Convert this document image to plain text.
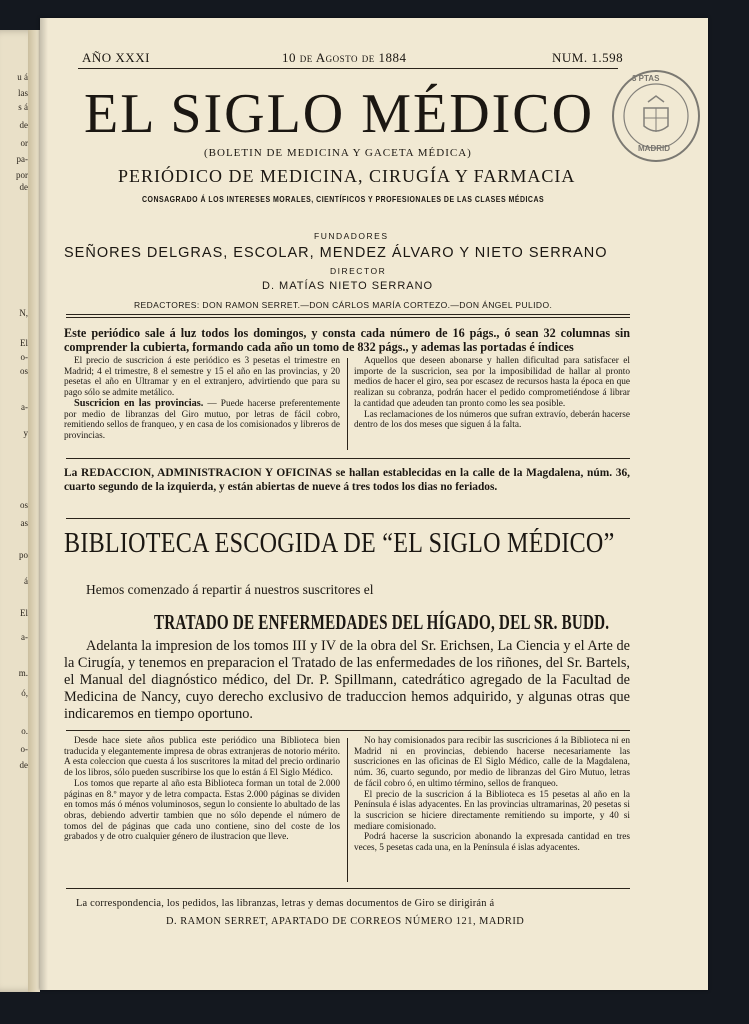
u á
las
s á
de
or
pa-
por
de
N,
El
o-
os
a-
y
os
as
po
á
El
a-
m.
ó,
o.
o-
de
AÑO XXXI	10 de Agosto de 1884	NUM. 1.598
EL SIGLO MÉDICO
3 PTAS
MADRID
(BOLETIN DE MEDICINA Y GACETA MÉDICA)
PERIÓDICO DE MEDICINA, CIRUGÍA Y FARMACIA
CONSAGRADO Á LOS INTERESES MORALES, CIENTÍFICOS Y PROFESIONALES DE LAS CLASES MÉDICAS
FUNDADORES
SEÑORES DELGRAS, ESCOLAR, MENDEZ ÁLVARO Y NIETO SERRANO
DIRECTOR
D. MATÍAS NIETO SERRANO
REDACTORES: DON RAMON SERRET.—DON CÁRLOS MARÍA CORTEZO.—DON ÁNGEL PULIDO.
Este periódico sale á luz todos los domingos, y consta cada número de 16 págs., ó sean 32 columnas sin comprender la cubierta, formando cada año un tomo de 832 págs., y ademas las portadas é índices

El precio de suscricion á este periódico es 3 pesetas el trimestre en Madrid; 4 el trimestre, 8 el semestre y 15 el año en las provincias, y 20 pesetas el año en Ultramar y en el extranjero, advirtiendo que para su pago sólo se admite metálico.

Suscricion en las provincias. — Puede hacerse preferentemente por medio de libranzas del Giro mutuo, por letras de fácil cobro, remitiendo sellos de franqueo, y en casa de los comisionados y libreros de provincias.

Aquellos que deseen abonarse y hallen dificultad para satisfacer el importe de la suscricion, sea por la imposibilidad de hallar al pronto medios de hacer el giro, sea por escasez de recursos hasta la época en que realizan su cobranza, podrán hacer el pedido comprometiéndose á librar la cantidad que adeuden tan pronto como les sea posible.

Las reclamaciones de los números que sufran extravío, deberán hacerse dentro de los dos meses que siguen á la falta.

La REDACCION, ADMINISTRACION Y OFICINAS se hallan establecidas en la calle de la Magdalena, núm. 36, cuarto segundo de la izquierda, y están abiertas de nueve á tres todos los dias no feriados.
BIBLIOTECA ESCOGIDA DE “EL SIGLO MÉDICO”
Hemos comenzado á repartir á nuestros suscritores el
TRATADO DE ENFERMEDADES DEL HÍGADO, DEL SR. BUDD.
Adelanta la impresion de los tomos III y IV de la obra del Sr. Erichsen, La Ciencia y el Arte de la Cirugía, y tenemos en preparacion el Tratado de las enfermedades de los riñones, del Sr. Bartels, el Manual del diagnóstico médico, del Dr. P. Spillmann, catedrático agregado de la Facultad de Medicina de Nancy, cuyo derecho exclusivo de traduccion hemos adquirido, y algunas otras que indicaremos en tiempo oportuno.

Desde hace siete años publica este periódico una Biblioteca bien traducida y elegantemente impresa de obras extranjeras de notorio mérito. A esta coleccion que cuesta á los suscritores la mitad del precio ordinario de los libros, sólo pueden suscribirse los que lo están á El Siglo Médico.

Los tomos que reparte al año esta Biblioteca forman un total de 2.000 páginas en 8.º mayor y de letra compacta. Estas 2.000 páginas se dividen en tomos más ó ménos voluminosos, segun lo consiente lo abultado de las obras, debiendo advertir tambien que no sólo depende el número de tomos del de páginas que cada uno contiene, sino del coste de los grabados y de otro cualquier género de ilustracion que lleve.

No hay comisionados para recibir las suscriciones á la Biblioteca ni en Madrid ni en provincias, debiendo hacerse necesariamente las suscriciones en las oficinas de El Siglo Médico, calle de la Magdalena, núm. 36, cuarto segundo, por medio de libranzas del Giro Mutuo, letras de fácil cobro ó, en ultimo término, sellos de franqueo.

El precio de la suscricion á la Biblioteca es 15 pesetas al año en la Península é islas adyacentes. En las provincias ultramarinas, 20 pesetas si la suscricion se hiciere directamente remitiendo su importe, y 40 si mediare comisionado.

Podrá hacerse la suscricion abonando la expresada cantidad en tres veces, 5 pesetas cada una, en la Península é islas adyacentes.

La correspondencia, los pedidos, las libranzas, letras y demas documentos de Giro se dirigirán á
D. RAMON SERRET, APARTADO DE CORREOS NÚMERO 121, MADRID
